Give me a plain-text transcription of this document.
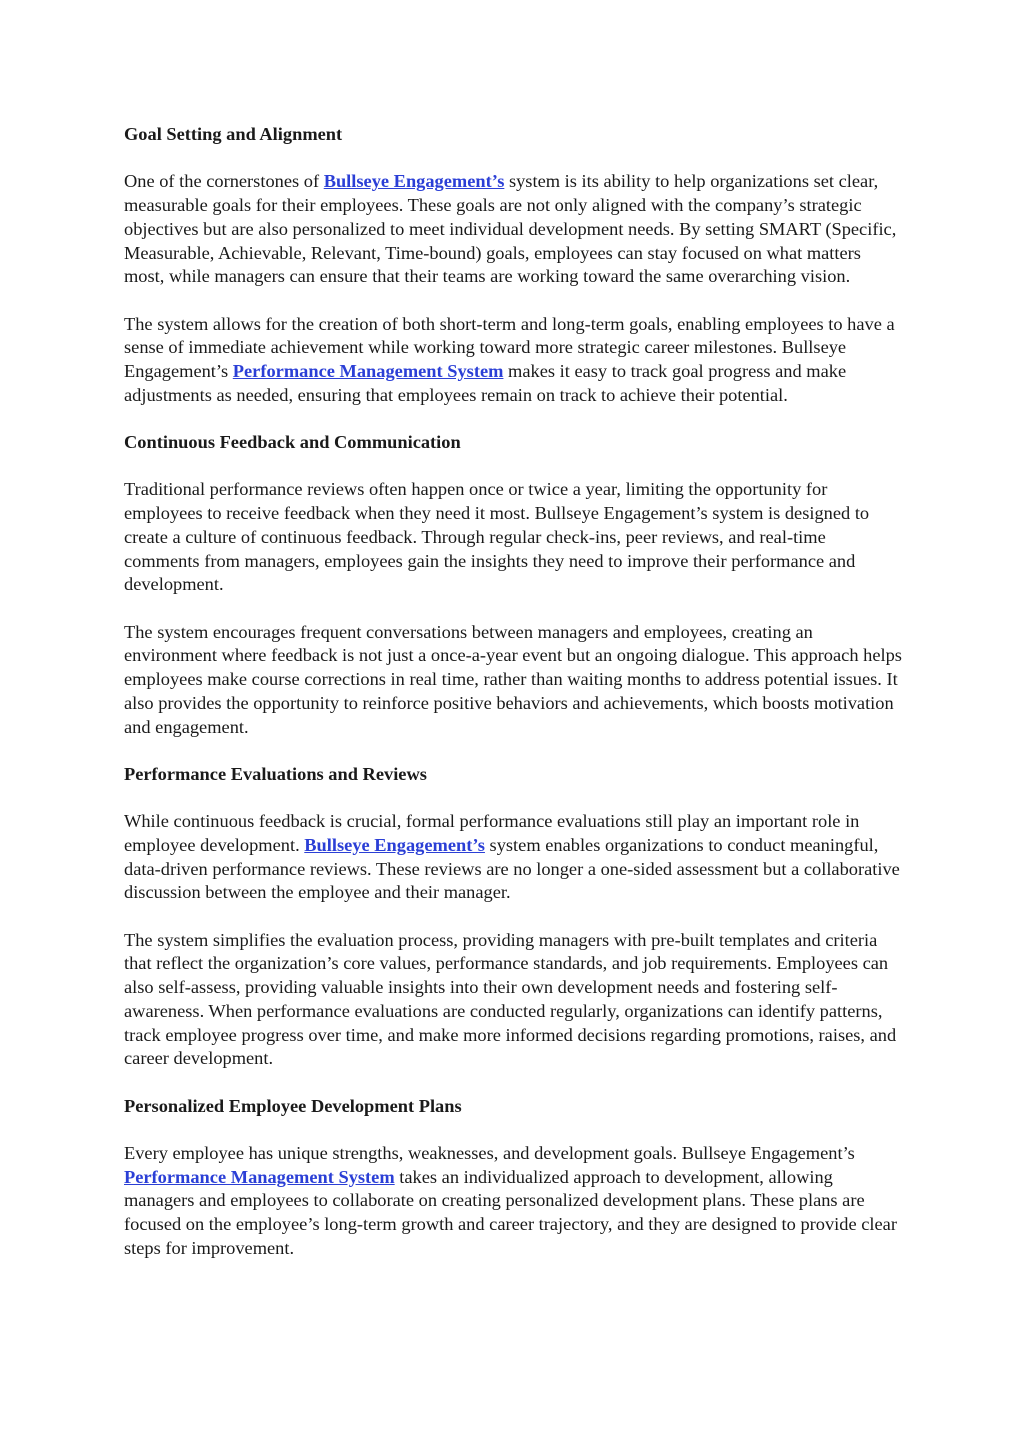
Goal Setting and Alignment
One of the cornerstones of Bullseye Engagement’s system is its ability to help organizations set clear, measurable goals for their employees. These goals are not only aligned with the company’s strategic objectives but are also personalized to meet individual development needs. By setting SMART (Specific, Measurable, Achievable, Relevant, Time-bound) goals, employees can stay focused on what matters most, while managers can ensure that their teams are working toward the same overarching vision.
The system allows for the creation of both short-term and long-term goals, enabling employees to have a sense of immediate achievement while working toward more strategic career milestones. Bullseye Engagement’s Performance Management System makes it easy to track goal progress and make adjustments as needed, ensuring that employees remain on track to achieve their potential.
Continuous Feedback and Communication
Traditional performance reviews often happen once or twice a year, limiting the opportunity for employees to receive feedback when they need it most. Bullseye Engagement’s system is designed to create a culture of continuous feedback. Through regular check-ins, peer reviews, and real-time comments from managers, employees gain the insights they need to improve their performance and development.
The system encourages frequent conversations between managers and employees, creating an environment where feedback is not just a once-a-year event but an ongoing dialogue. This approach helps employees make course corrections in real time, rather than waiting months to address potential issues. It also provides the opportunity to reinforce positive behaviors and achievements, which boosts motivation and engagement.
Performance Evaluations and Reviews
While continuous feedback is crucial, formal performance evaluations still play an important role in employee development. Bullseye Engagement’s system enables organizations to conduct meaningful, data-driven performance reviews. These reviews are no longer a one-sided assessment but a collaborative discussion between the employee and their manager.
The system simplifies the evaluation process, providing managers with pre-built templates and criteria that reflect the organization’s core values, performance standards, and job requirements. Employees can also self-assess, providing valuable insights into their own development needs and fostering self-awareness. When performance evaluations are conducted regularly, organizations can identify patterns, track employee progress over time, and make more informed decisions regarding promotions, raises, and career development.
Personalized Employee Development Plans
Every employee has unique strengths, weaknesses, and development goals. Bullseye Engagement’s Performance Management System takes an individualized approach to development, allowing managers and employees to collaborate on creating personalized development plans. These plans are focused on the employee’s long-term growth and career trajectory, and they are designed to provide clear steps for improvement.
